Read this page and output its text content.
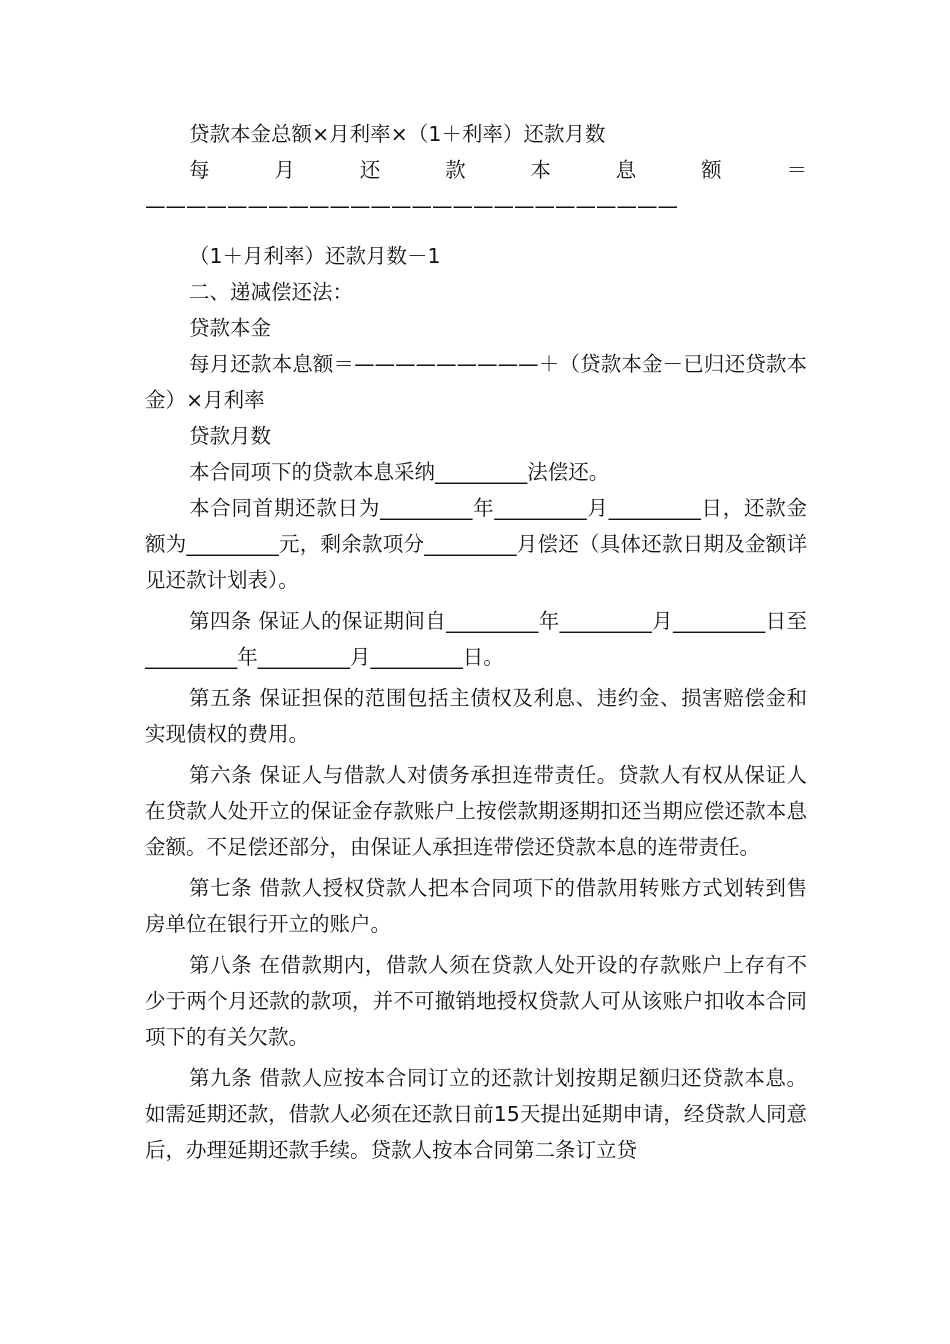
贷款本金总额×月利率×（1＋利率）还款月数

每月还款本息额＝——————————————————————————

（1＋月利率）还款月数－1

二、递减偿还法：

贷款本金

每月还款本息额＝—————————＋（贷款本金－已归还贷款本金）×月利率

贷款月数

本合同项下的贷款本息采纳_________法偿还。

本合同首期还款日为_________年_________月_________日，还款金额为_________元，剩余款项分_________月偿还（具体还款日期及金额详见还款计划表）。

第四条 保证人的保证期间自_________年_________月_________日至_________年_________月_________日。

第五条 保证担保的范围包括主债权及利息、违约金、损害赔偿金和实现债权的费用。

第六条 保证人与借款人对债务承担连带责任。贷款人有权从保证人在贷款人处开立的保证金存款账户上按偿款期逐期扣还当期应偿还款本息金额。不足偿还部分，由保证人承担连带偿还贷款本息的连带责任。

第七条 借款人授权贷款人把本合同项下的借款用转账方式划转到售房单位在银行开立的账户。

第八条 在借款期内，借款人须在贷款人处开设的存款账户上存有不少于两个月还款的款项，并不可撤销地授权贷款人可从该账户扣收本合同项下的有关欠款。

第九条 借款人应按本合同订立的还款计划按期足额归还贷款本息。如需延期还款，借款人必须在还款日前15天提出延期申请，经贷款人同意后，办理延期还款手续。贷款人按本合同第二条订立贷
